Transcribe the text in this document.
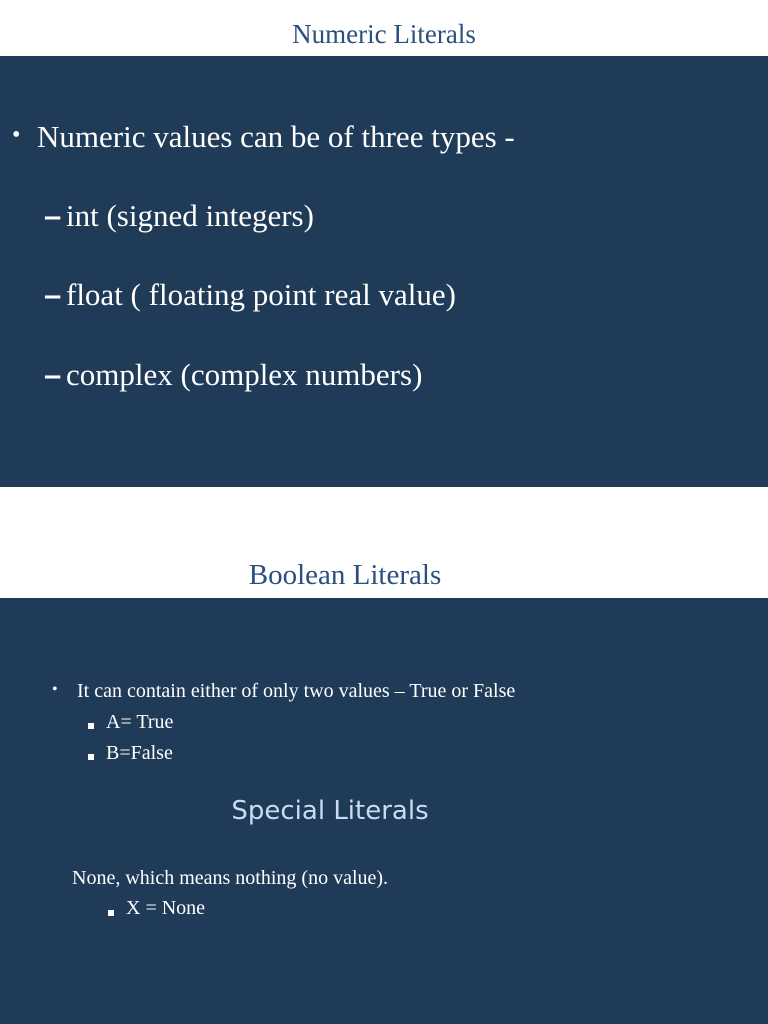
Numeric Literals
• Numeric values can be of three types -
– int (signed integers)
– float ( floating point real value)
– complex (complex numbers)
Boolean Literals
• It can contain either of only two values – True or False
A= True
B=False
Special Literals
None, which means nothing (no value).
X = None
